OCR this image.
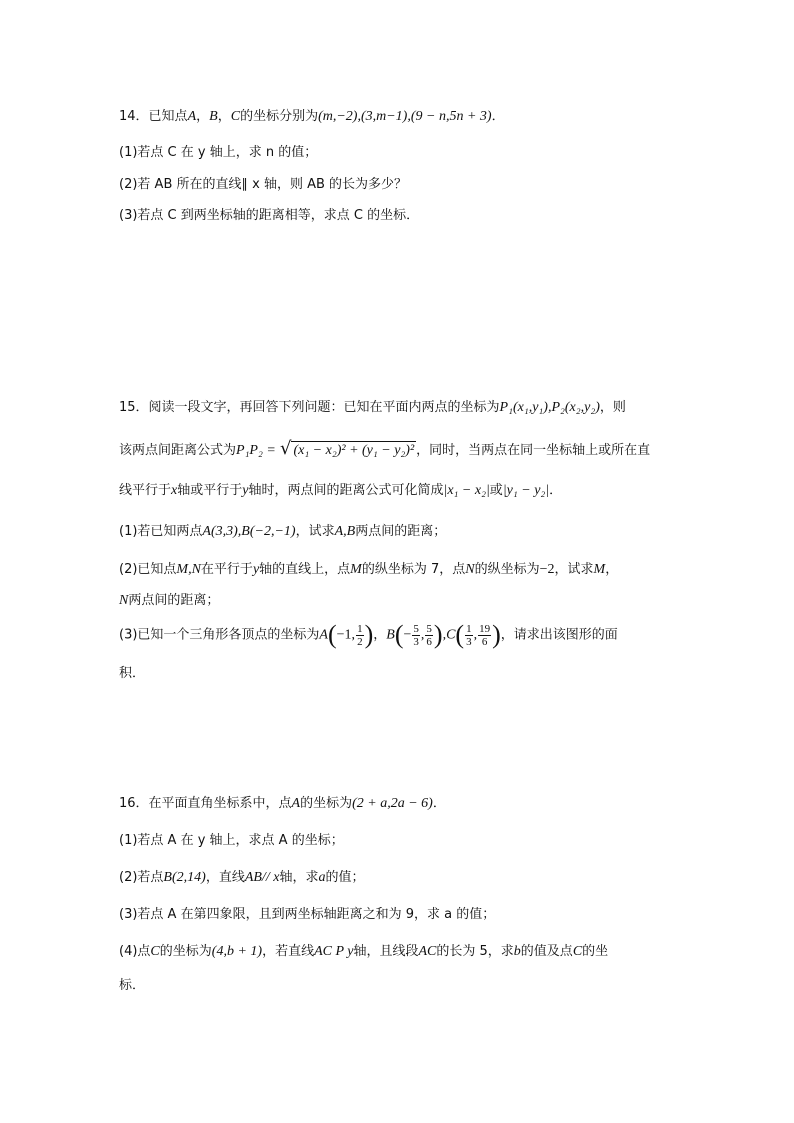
14．已知点A，B，C的坐标分别为(m,−2),(3,m−1),(9 − n,5n + 3)．
(1)若点 C 在 y 轴上，求 n 的值；
(2)若 AB 所在的直线∥ x 轴，则 AB 的长为多少？
(3)若点 C 到两坐标轴的距离相等，求点 C 的坐标．
15．阅读一段文字，再回答下列问题：已知在平面内两点的坐标为P₁(x₁,y₁),P₂(x₂,y₂)，则
该两点间距离公式为P₁P₂ = √ (x₁ − x₂)² + (y₁ − y₂)² ，同时，当两点在同一坐标轴上或所在直
线平行于x轴或平行于y轴时，两点间的距离公式可化简成|x₁ − x₂|或|y₁ − y₂|．
(1)若已知两点A(3,3),B(−2,−1)，试求A,B两点间的距离；
(2)已知点M,N在平行于y轴的直线上，点M的纵坐标为 7，点N的纵坐标为−2，试求M，
N两点间的距离；
(3)已知一个三角形各顶点的坐标为A(−1, $\frac{1}{2}$ )，$B(- \frac{5}{3}$ , $\frac{5}{6} ),C( \frac{1}{3}$ , $\frac{19}{6}$ )，请求出该图形的面
积．
16．在平面直角坐标系中，点A的坐标为(2 + a,2a − 6)．
(1)若点 A 在 y 轴上，求点 A 的坐标；
(2)若点B(2,14)，直线AB// x轴，求a的值；
(3)若点 A 在第四象限，且到两坐标轴距离之和为 9，求 a 的值；
(4)点C的坐标为(4,b + 1)，若直线AC P y轴，且线段AC的长为 5，求b的值及点C的坐
标．
